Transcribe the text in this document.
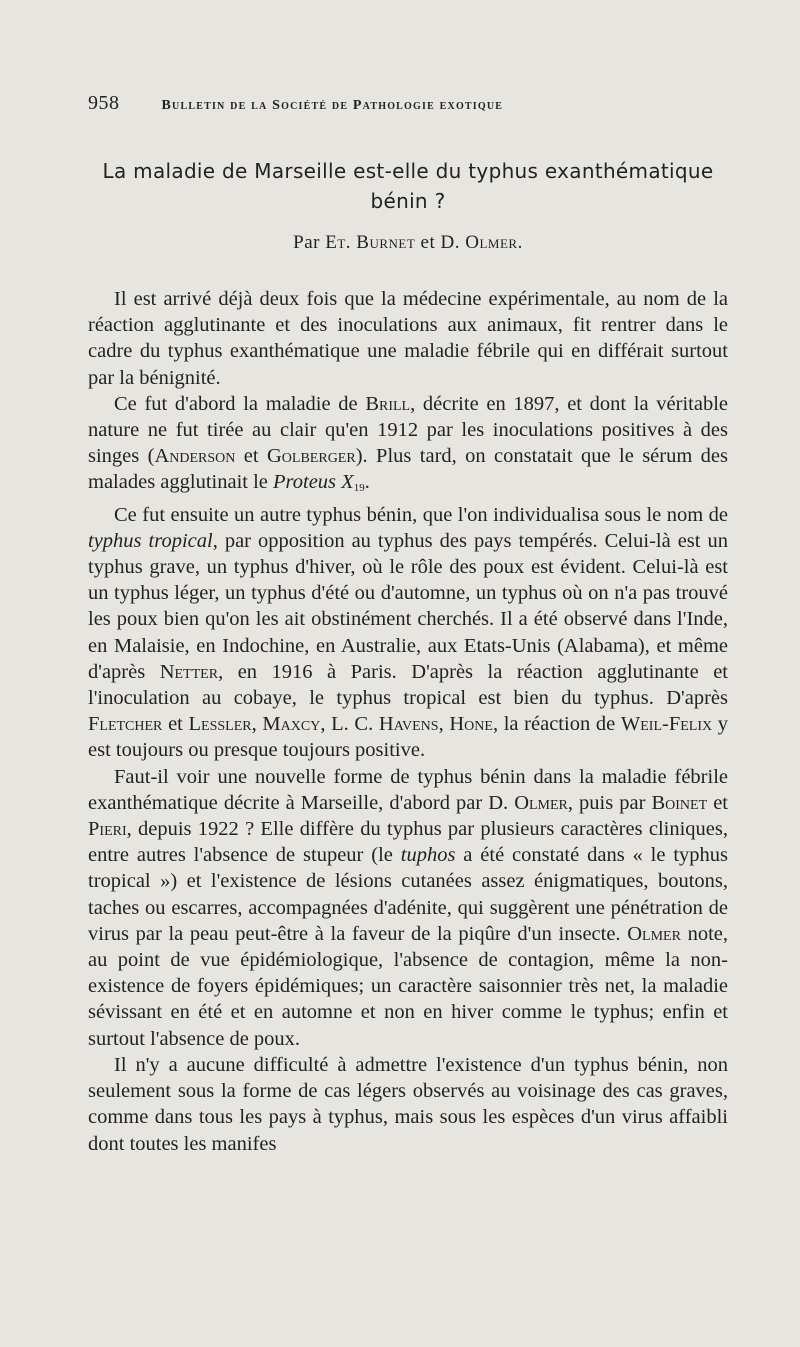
958	Bulletin de la Société de Pathologie exotique
La maladie de Marseille est-elle du typhus exanthématique
bénin ?
Par Et. Burnet et D. Olmer.

Il est arrivé déjà deux fois que la médecine expérimentale, au nom de la réaction agglutinante et des inoculations aux animaux, fit rentrer dans le cadre du typhus exanthématique une maladie fébrile qui en différait surtout par la bénignité.

Ce fut d'abord la maladie de Brill, décrite en 1897, et dont la véritable nature ne fut tirée au clair qu'en 1912 par les inoculations positives à des singes (Anderson et Golberger). Plus tard, on constatait que le sérum des malades agglutinait le Proteus $X_{19}$.

Ce fut ensuite un autre typhus bénin, que l'on individualisa sous le nom de typhus tropical, par opposition au typhus des pays tempérés. Celui-là est un typhus grave, un typhus d'hiver, où le rôle des poux est évident. Celui-là est un typhus léger, un typhus d'été ou d'automne, un typhus où on n'a pas trouvé les poux bien qu'on les ait obstinément cherchés. Il a été observé dans l'Inde, en Malaisie, en Indochine, en Australie, aux Etats-Unis (Alabama), et même d'après Netter, en 1916 à Paris. D'après la réaction agglutinante et l'inoculation au cobaye, le typhus tropical est bien du typhus. D'après Fletcher et Lessler, Maxcy, L. C. Havens, Hone, la réaction de Weil-Felix y est toujours ou presque toujours positive.

Faut-il voir une nouvelle forme de typhus bénin dans la maladie fébrile exanthématique décrite à Marseille, d'abord par D. Olmer, puis par Boinet et Pieri, depuis 1922 ? Elle diffère du typhus par plusieurs caractères cliniques, entre autres l'absence de stupeur (le tuphos a été constaté dans « le typhus tropical ») et l'existence de lésions cutanées assez énigmatiques, boutons, taches ou escarres, accompagnées d'adénite, qui suggèrent une pénétration de virus par la peau peut-être à la faveur de la piqûre d'un insecte. Olmer note, au point de vue épidémiologique, l'absence de contagion, même la non-existence de foyers épidémiques; un caractère saisonnier très net, la maladie sévissant en été et en automne et non en hiver comme le typhus; enfin et surtout l'absence de poux.

Il n'y a aucune difficulté à admettre l'existence d'un typhus bénin, non seulement sous la forme de cas légers observés au voisinage des cas graves, comme dans tous les pays à typhus, mais sous les espèces d'un virus affaibli dont toutes les manifes
